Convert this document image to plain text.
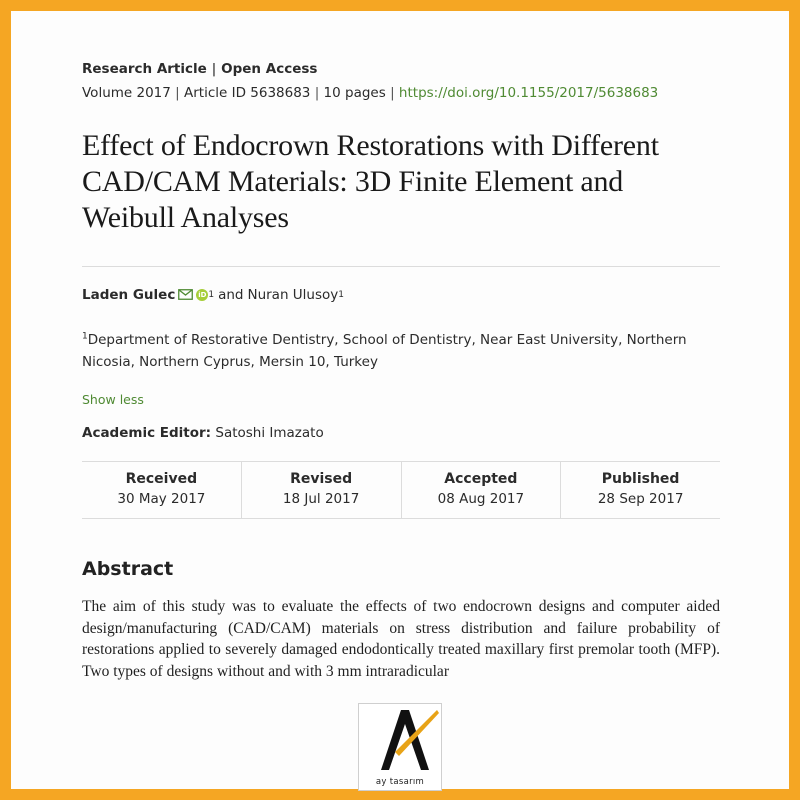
Research Article | Open Access
Volume 2017 | Article ID 5638683 | 10 pages | https://doi.org/10.1155/2017/5638683
Effect of Endocrown Restorations with Different CAD/CAM Materials: 3D Finite Element and Weibull Analyses
Laden Gulec	iD 1 and Nuran Ulusoy 1
$^1$Department of Restorative Dentistry, School of Dentistry, Near East University, Northern Nicosia, Northern Cyprus, Mersin 10, Turkey
Show less
Academic Editor: Satoshi Imazato
Received
30 May 2017
Revised
18 Jul 2017
Accepted
08 Aug 2017
Published
28 Sep 2017
Abstract

The aim of this study was to evaluate the effects of two endocrown designs and computer aided design/manufacturing (CAD/CAM) materials on stress distribution and failure probability of restorations applied to severely damaged endodontically treated maxillary first premolar tooth (MFP). Two types of designs without and with 3 mm intraradicular

ay tasarım
